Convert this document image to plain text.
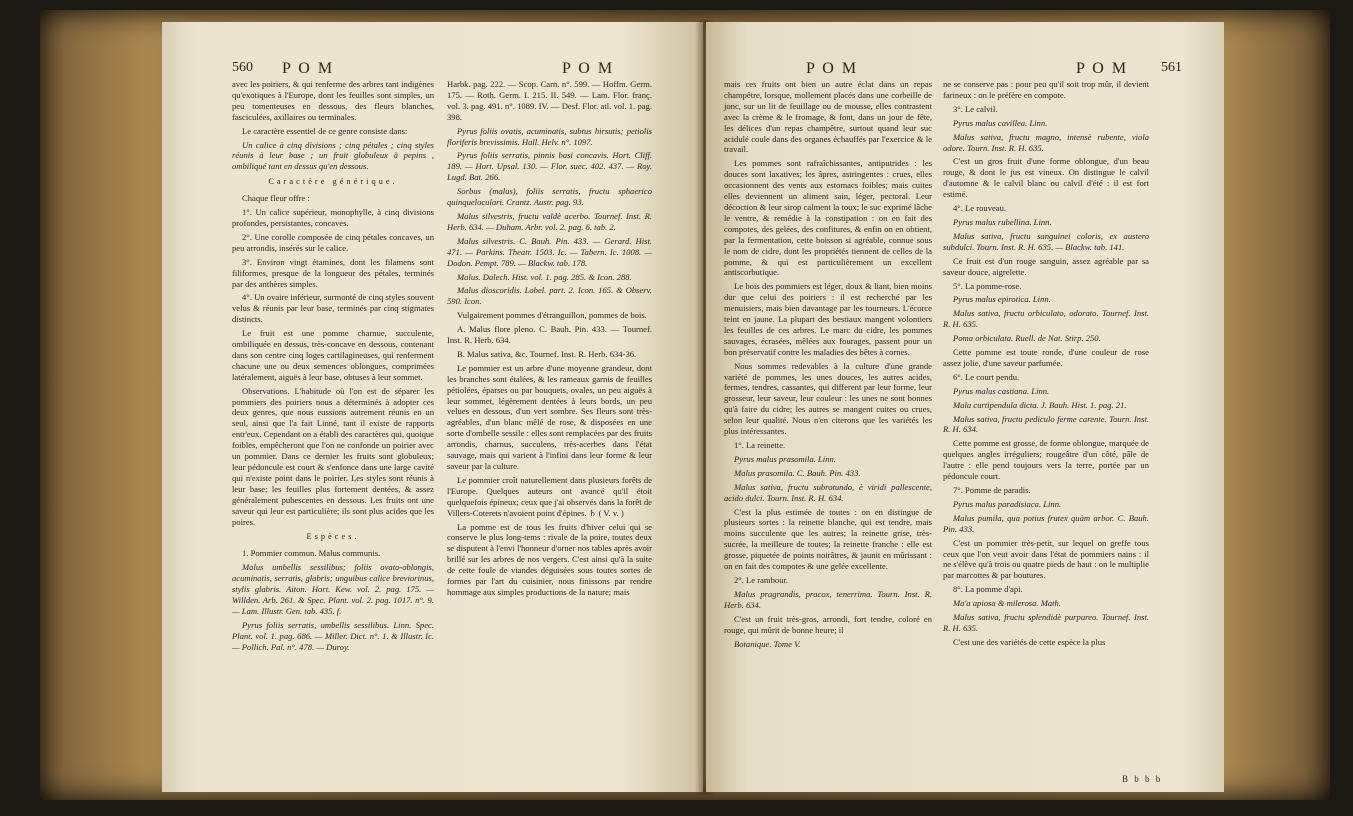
560 P O M	P O M

avec les poiriers, & qui renferme des arbres tant indigènes qu'exotiques à l'Europe, dont les feuilles sont simples, un peu tomenteuses en dessous, des fleurs blanches, fasciculées, axillaires ou terminales.

Le caractère essentiel de ce genre consiste dans:

Un calice à cinq divisions ; cinq pétales ; cinq styles réunis à leur base ; un fruit globuleux à pepins , ombiliqué tant en dessus qu'en dessous.

Caractère générique.

Chaque fleur offre :

1°. Un calice supérieur, monophylle, à cinq divisions profondes, persistantes, concaves.

2°. Une corolle composée de cinq pétales concaves, un peu arrondis, insérés sur le calice.

3°. Environ vingt étamines, dont les filamens sont filiformes, presque de la longueur des pétales, terminés par des anthères simples.

4°. Un ovaire inférieur, surmonté de cinq styles souvent velus & réunis par leur base, terminés par cinq stigmates distincts.

Le fruit est une pomme charnue, succulente, ombiliquée en dessus, très-concave en dessous, contenant dans son centre cinq loges cartilagineuses, qui renferment chacune une ou deux semences oblongues, comprimées latéralement, aiguës à leur base, obtuses à leur sommet.

Observations. L'habitude où l'on est de séparer les pommiers des poiriers nous a déterminés à adopter ces deux genres, que nous eussions autrement réunis en un seul, ainsi que l'a fait Linné, tant il existe de rapports entr'eux. Cependant on a établi des caractères qui, quoique foibles, empêcheront que l'on ne confonde un poirier avec un pommier. Dans ce dernier les fruits sont globuleux; leur pédoncule est court & s'enfonce dans une large cavité qui n'existe point dans le poirier. Les styles sont réunis à leur base; les feuilles plus fortement dentées, & assez généralement pubescentes en dessous. Les fruits ont une saveur qui leur est particulière; ils sont plus acides que les poires.

Espèces.

1. Pommier commun. Malus communis.

Malus umbellis sessilibus; foliis ovato-oblongis, acuminatis, serratis, glabris; unguibus calice breviorinus, stylis glabris. Aiton. Hort. Kew. vol. 2. pag. 175. — Willden. Arb. 261. & Spec. Plant. vol. 2. pag. 1017. n°. 9. — Lam. Illustr. Gen. tab. 435. f.

Pyrus foliis serratis, umbellis sessilibus. Linn. Spec. Plant. vol. 1. pag. 686. — Miller. Dict. n°. 1. & Illustr. Ic. — Pollich. Pal. n°. 478. — Duroy.

Harbk. pag. 222. — Scop. Carn. n°. 599. — Hoffm. Germ. 175. — Roth. Germ. I. 215. II. 549. — Lam. Flor. franç. vol. 3. pag. 491. n°. 1089. IV. — Desf. Flor. atl. vol. 1. pag. 398.

Pyrus foliis ovatis, acuminatis, subtus hirsutis; petiolis floriferis brevissimis. Hall. Helv. n°. 1097.

Pyrus foliis serratis, pinnis basi concavis. Hort. Cliff. 189. — Hort. Upsal. 130. — Flor. suec. 402. 437. — Roy. Lugd. Bat. 266.

Sorbus (malus), foliis serratis, fructu sphaerico quinqueloculari. Crantz. Austr. pag. 93.

Malus silvestris, fructu valdè acerbo. Tournef. Inst. R. Herb. 634. — Duham. Arbr. vol. 2. pag. 6. tab. 2.

Malus silvestris. C. Bauh. Pin. 433. — Gerard. Hist. 471. — Parkins. Theatr. 1503. Ic. — Tabern. Ic. 1008. — Dodon. Pempt. 789. — Blackw. tab. 178.

Malus. Dalech. Hist. vol. 1. pag. 285. & Icon. 288.

Malus dioscoridis. Lobel. part. 2. Icon. 165. & Observ. 590. Icon.

Vulgairement pommes d'étranguillon, pommes de bois.

A. Malus flore pleno. C. Bauh. Pin. 433. — Tournef. Inst. R. Herb. 634.

B. Malus sativa, &c. Tournef. Inst. R. Herb. 634-36.

Le pommier est un arbre d'une moyenne grandeur, dont les branches sont étalées, & les rameaux garnis de feuilles pétiolées, éparses ou par bouquets, ovales, un peu aiguës à leur sommet, légèrement dentées à leurs bords, un peu velues en dessous, d'un vert sombre. Ses fleurs sont très-agréables, d'un blanc mêlé de rose, & disposées en une sorte d'ombelle sessile : elles sont remplacées par des fruits arrondis, charnus, succulens, très-acerbes dans l'état sauvage, mais qui varient à l'infini dans leur forme & leur saveur par la culture.

Le pommier croît naturellement dans plusieurs forêts de l'Europe. Quelques auteurs ont avancé qu'il étoit quelquefois épineux; ceux que j'ai observés dans la forêt de Villers-Coterets n'avoient point d'épines. ♄ ( V. v. )

La pomme est de tous les fruits d'hiver celui qui se conserve le plus long-tems : rivale de la poire, toutes deux se disputent à l'envi l'honneur d'orner nos tables après avoir brillé sur les arbres de nos vergers. C'est ainsi qu'à la suite de cette foule de viandes déguisées sous toutes sortes de formes par l'art du cuisinier, nous finissons par rendre hommage aux simples productions de la nature; mais

P O M	P O M 561

mais ces fruits ont bien un autre éclat dans un repas champêtre, lorsque, mollement placés dans une corbeille de jonc, sur un lit de feuillage ou de mousse, elles contrastent avec la crème & le fromage, & font, dans un jour de fête, les délices d'un repas champêtre, surtout quand leur suc acidulé coule dans des organes échauffés par l'exercice & le travail.

Les pommes sont rafraîchissantes, antiputrides : les douces sont laxatives; les âpres, astringentes : crues, elles occasionnent des vents aux estomacs foibles; mais cuites elles deviennent un aliment sain, léger, pectoral. Leur décoction & leur sirop calment la toux; le suc exprimé lâche le ventre, & remédie à la constipation : on en fait des compotes, des gelées, des confitures, & enfin on en obtient, par la fermentation, cette boisson si agréable, connue sous le nom de cidre, dont les propriétés tiennent de celles de la pomme, & qui est particulièrement un excellent antiscorbutique.

Le bois des pommiers est léger, doux & liant, bien moins dur que celui des poiriers : il est recherché par les menuisiers, mais bien davantage par les tourneurs. L'écorce teint en jaune. La plupart des bestiaux mangent volontiers les feuilles de ces arbres. Le marc du cidre, les pommes sauvages, écrasées, mêlées aux fourages, passent pour un bon préservatif contre les maladies des bêtes à cornes.

Nous sommes redevables à la culture d'une grande variété de pommes, les unes douces, les autres acides, fermes, tendres, cassantes, qui different par leur forme, leur grosseur, leur saveur, leur couleur : les unes ne sont bonnes qu'à faire du cidre; les autres se mangent cuites ou crues, selon leur qualité. Nous n'en citerons que les variétés les plus intéressantes.

1°. La reinette.

Pyrus malus prasomila. Linn.

Malus prasomila. C. Bauh. Pin. 433.

Malus sativa, fructu subrotundo, è viridi pallescente, acido dulci. Tourn. Inst. R. H. 634.

C'est la plus estimée de toutes : on en distingue de plusieurs sortes : la reinette blanche, qui est tendre, mais moins succulente que les autres; la reinette grise, très-sucrée, la meilleure de toutes; la reinette franche : elle est grosse, piquetée de points noirâtres, & jaunit en mûrissant : on en fait des compotes & une gelée excellente.

2°. Le rambour.

Malus pragrandis, pracox, tenerrima. Tourn. Inst. R. Herb. 634.

C'est un fruit très-gros, arrondi, fort tendre, coloré en rouge, qui mûrit de bonne heure; il

Botanique. Tome V.

ne se conserve pas : pour peu qu'il soit trop mûr, il devient farineux : on le préfère en compote.

3°. Le calvil.

Pyrus malus cavillea. Linn.

Malus sativa, fructu magno, intensè rubente, viola odore. Tourn. Inst. R. H. 635.

C'est un gros fruit d'une forme oblongue, d'un beau rouge, & dont le jus est vineux. On distingue le calvil d'automne & le calvil blanc ou calvil d'été : il est fort estimé.

4°. Le rouveau.

Pyrus malus rubellina. Linn.

Malus sativa, fructu sanguinei coloris, ex austero subdulci. Tourn. Inst. R. H. 635. — Blackw. tab. 141.

Ce fruit est d'un rouge sanguin, assez agréable par sa saveur douce, aigrelette.

5°. La pomme-rose.

Pyrus malus epirotica. Linn.

Malus sativa, fructu orbiculato, odorato. Tournef. Inst. R. H. 635.

Poma orbiculata. Ruell. de Nat. Stirp. 250.

Cette pomme est toute ronde, d'une couleur de rose assez jolie, d'une saveur parfumée.

6°. Le court pendu.

Pyrus malus castiana. Linn.

Mala curtipendula dicta. J. Bauh. Hist. 1. pag. 21.

Malus sativa, fructu pediculo ferme carente. Tourn. Inst. R. H. 634.

Cette pomme est grosse, de forme oblongue, marquée de quelques angles irréguliers; rougeâtre d'un côté, pâle de l'autre : elle pend toujours vers la terre, portée par un pédoncule court.

7°. Pomme de paradis.

Pyrus malus paradisiaca. Linn.

Malus pumila, qua potius frutex quàm arbor. C. Bauh. Pin. 433.

C'est un pommier très-petit, sur lequel on greffe tous ceux que l'on veut avoir dans l'état de pommiers nains : il ne s'élève qu'à trois ou quatre pieds de haut : on le multiplie par marcottes & par boutures.

8°. La pomme d'api.

Ma'a apiosa & milerosa. Math.

Malus sativa, fructu splendidè purpureo. Tournef. Inst. R. H. 635.

C'est une des variétés de cette espèce la plus

B b b b
